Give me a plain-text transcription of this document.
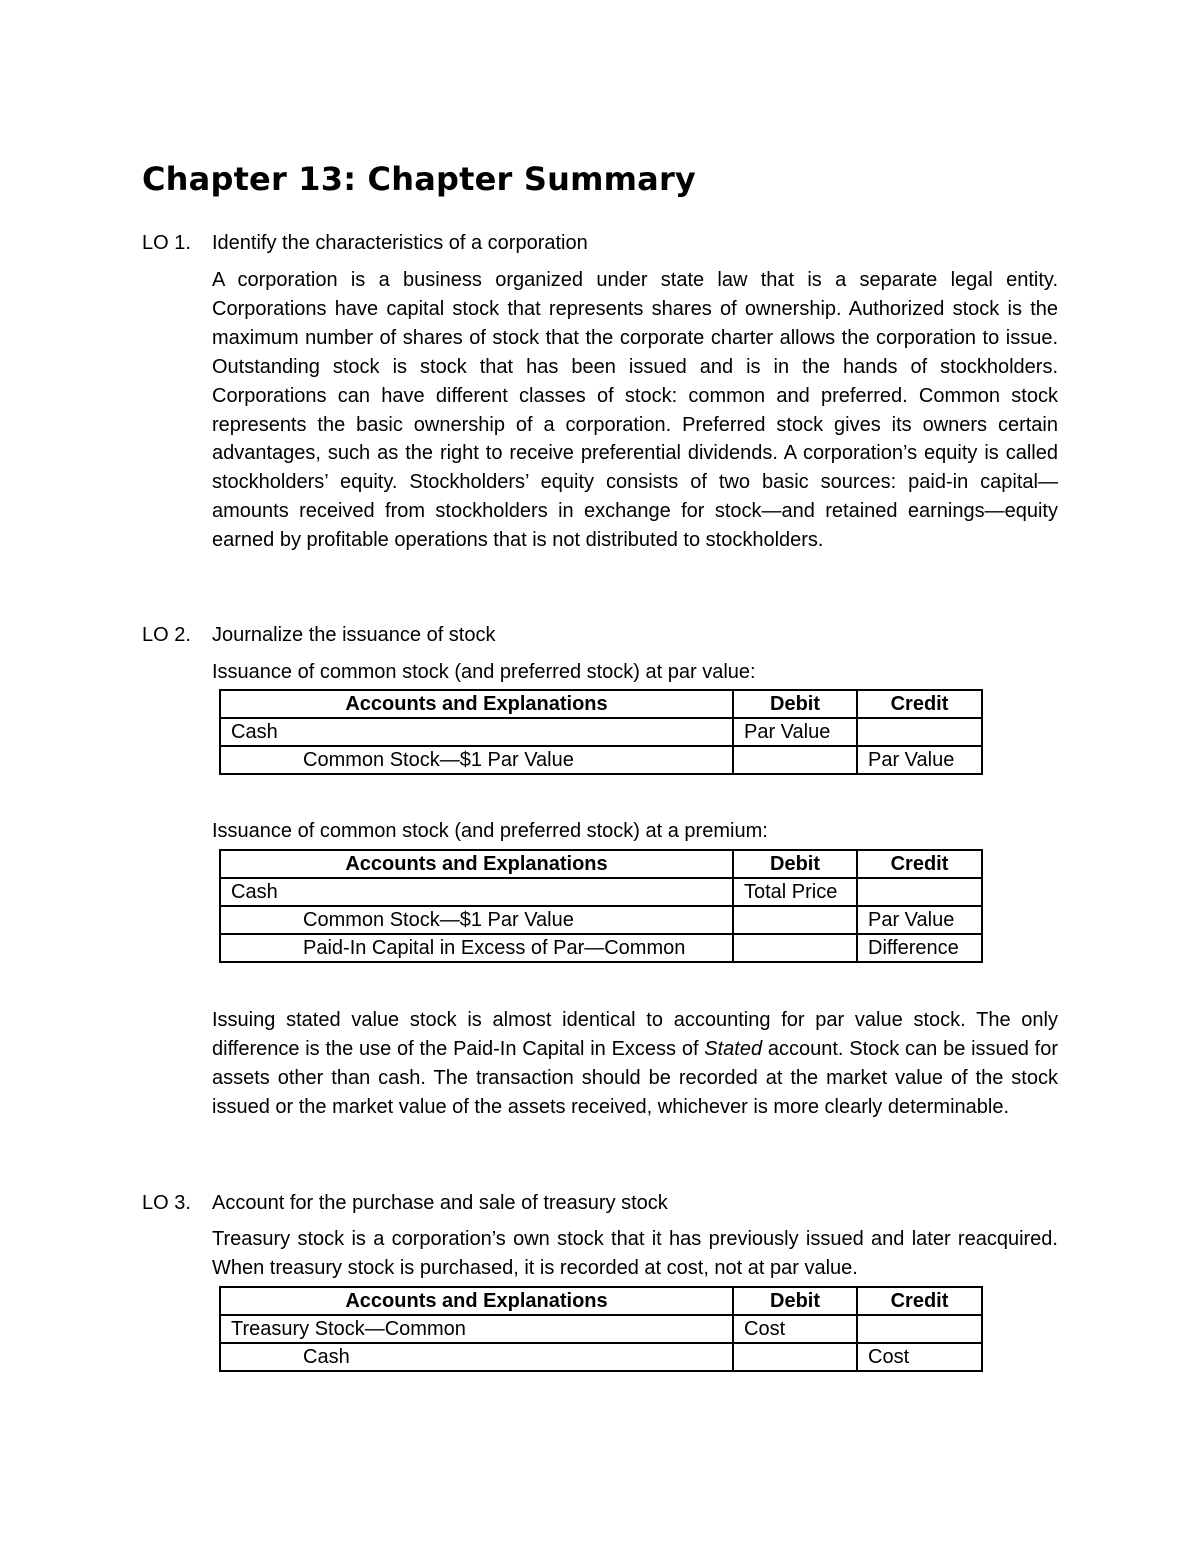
Chapter 13: Chapter Summary
LO 1. Identify the characteristics of a corporation

A corporation is a business organized under state law that is a separate legal entity. Corporations have capital stock that represents shares of ownership. Authorized stock is the maximum number of shares of stock that the corporate charter allows the corporation to issue. Outstanding stock is stock that has been issued and is in the hands of stockholders. Corporations can have different classes of stock: common and preferred. Common stock represents the basic ownership of a corporation. Preferred stock gives its owners certain advantages, such as the right to receive preferential dividends. A corporation’s equity is called stockholders’ equity. Stockholders’ equity consists of two basic sources: paid-in capital—amounts received from stockholders in exchange for stock—and retained earnings—equity earned by profitable operations that is not distributed to stockholders.

LO 2. Journalize the issuance of stock
Issuance of common stock (and preferred stock) at par value:
Accounts and Explanations	Debit	Credit
Cash	Par Value	
Common Stock—$1 Par Value		Par Value
Issuance of common stock (and preferred stock) at a premium:
Accounts and Explanations	Debit	Credit
Cash	Total Price	
Common Stock—$1 Par Value		Par Value
Paid-In Capital in Excess of Par—Common		Difference

Issuing stated value stock is almost identical to accounting for par value stock. The only difference is the use of the Paid-In Capital in Excess of Stated account. Stock can be issued for assets other than cash. The transaction should be recorded at the market value of the stock issued or the market value of the assets received, whichever is more clearly determinable.

LO 3. Account for the purchase and sale of treasury stock

Treasury stock is a corporation’s own stock that it has previously issued and later reacquired. When treasury stock is purchased, it is recorded at cost, not at par value.

Accounts and Explanations	Debit	Credit
Treasury Stock—Common	Cost	
Cash		Cost
